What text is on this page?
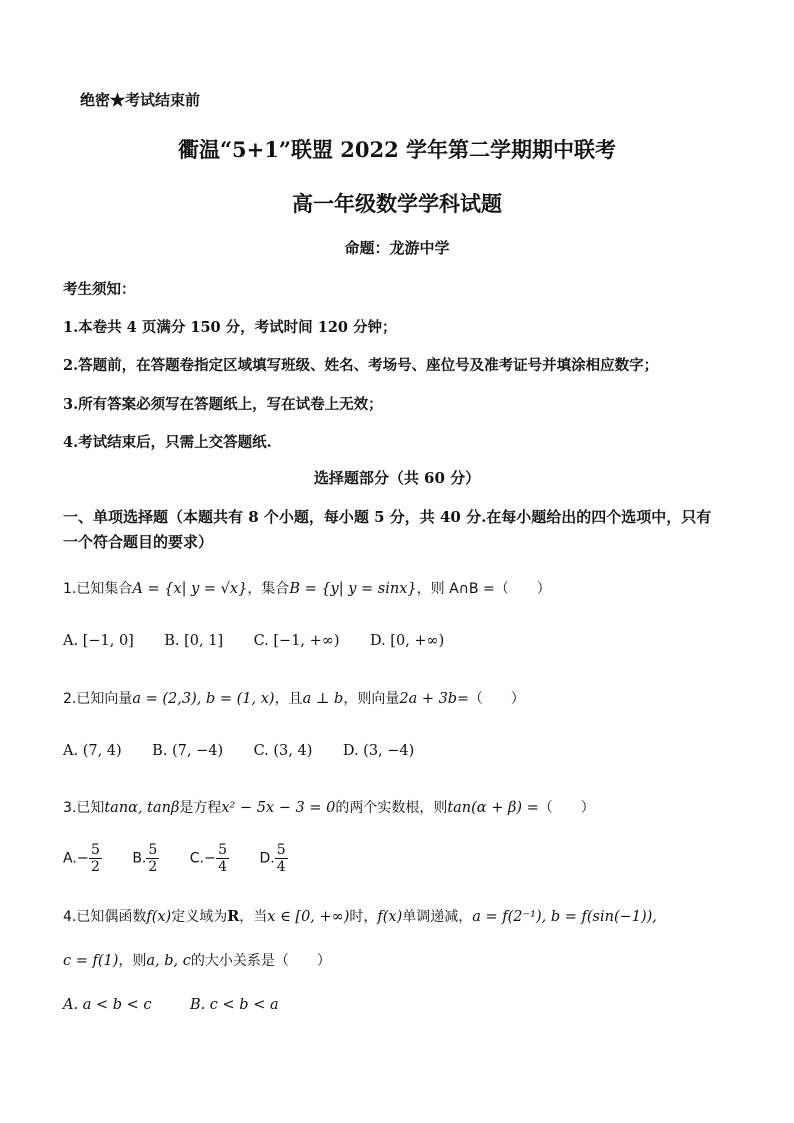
绝密★考试结束前
衢温“5+1”联盟 2022 学年第二学期期中联考
高一年级数学学科试题
命题：龙游中学
考生须知：
1.本卷共 4 页满分 150 分，考试时间 120 分钟；
2.答题前，在答题卷指定区域填写班级、姓名、考场号、座位号及准考证号并填涂相应数字；
3.所有答案必须写在答题纸上，写在试卷上无效；
4.考试结束后，只需上交答题纸.
选择题部分（共 60 分）
一、单项选择题（本题共有 8 个小题，每小题 5 分，共 40 分.在每小题给出的四个选项中，只有
一个符合题目的要求）
1.已知集合A = {x| y = √x}，集合B = {y| y = sinx}，则 A∩B =（　　）
A. [−1, 0] B. [0, 1] C. [−1, +∞) D. [0, +∞)
2.已知向量a = (2,3), b = (1, x)，且a ⊥ b，则向量2a + 3b=（　　）
A. (7, 4) B. (7, −4) C. (3, 4) D. (3, −4)
3.已知tanα, tanβ是方程x² − 5x − 3 = 0的两个实数根，则tan(α + β) =（　　）
$A.- \frac{5}{2} B$. $\frac{5}{2} C.- \frac{5}{4} D$. $\frac{5}{4}$
4.已知偶函数f(x)定义域为R，当x ∈ [0, +∞)时，f(x)单调递减，a = f(2⁻¹), b = f(sin(−1)),
c = f(1)，则a, b, c的大小关系是（　　）
A. a < b < c	B. c < b < a
